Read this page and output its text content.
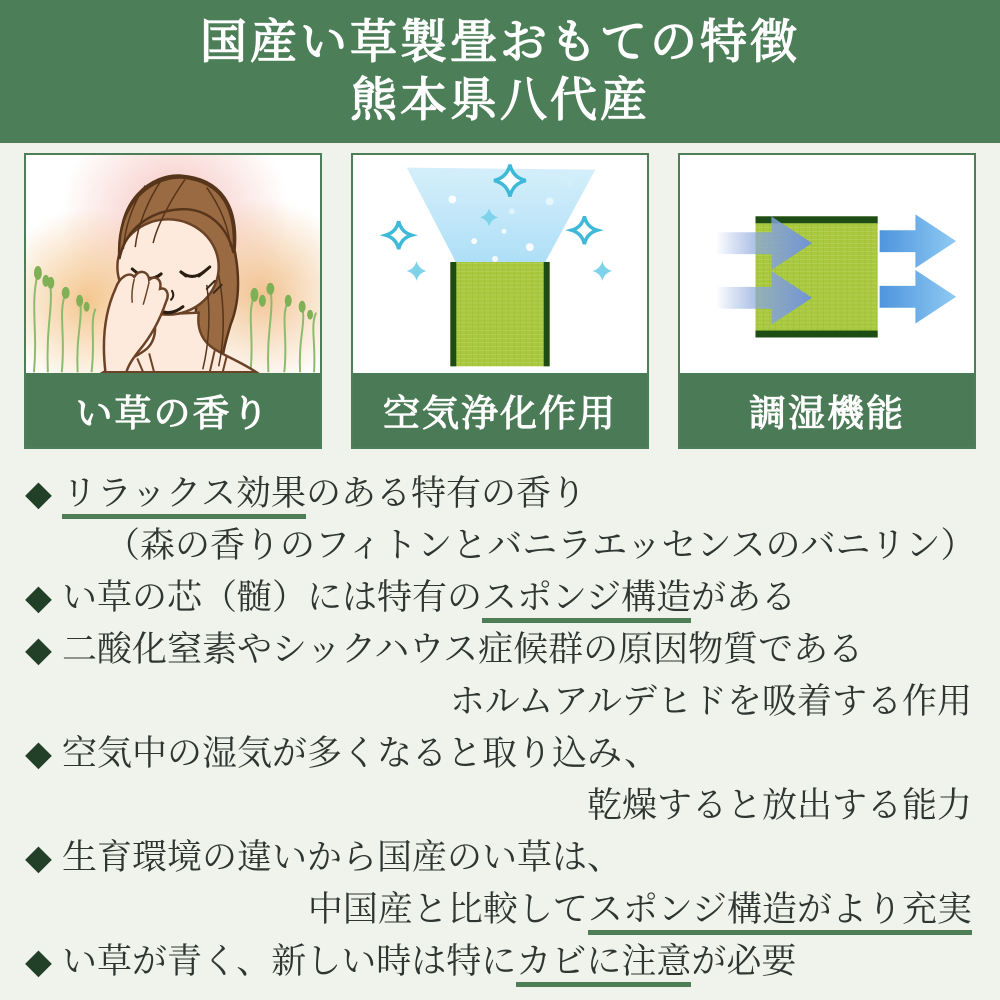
国産い草製畳おもての特徴
熊本県八代産
い草の香り	空気浄化作用	調湿機能
◆ リラックス効果のある特有の香り
（森の香りのフィトンとバニラエッセンスのバニリン）
◆ い草の芯（髄）には特有のスポンジ構造がある
◆ 二酸化窒素やシックハウス症候群の原因物質である
ホルムアルデヒドを吸着する作用
◆ 空気中の湿気が多くなると取り込み、
乾燥すると放出する能力
◆ 生育環境の違いから国産のい草は、
中国産と比較してスポンジ構造がより充実
◆ い草が青く、新しい時は特にカビに注意が必要
